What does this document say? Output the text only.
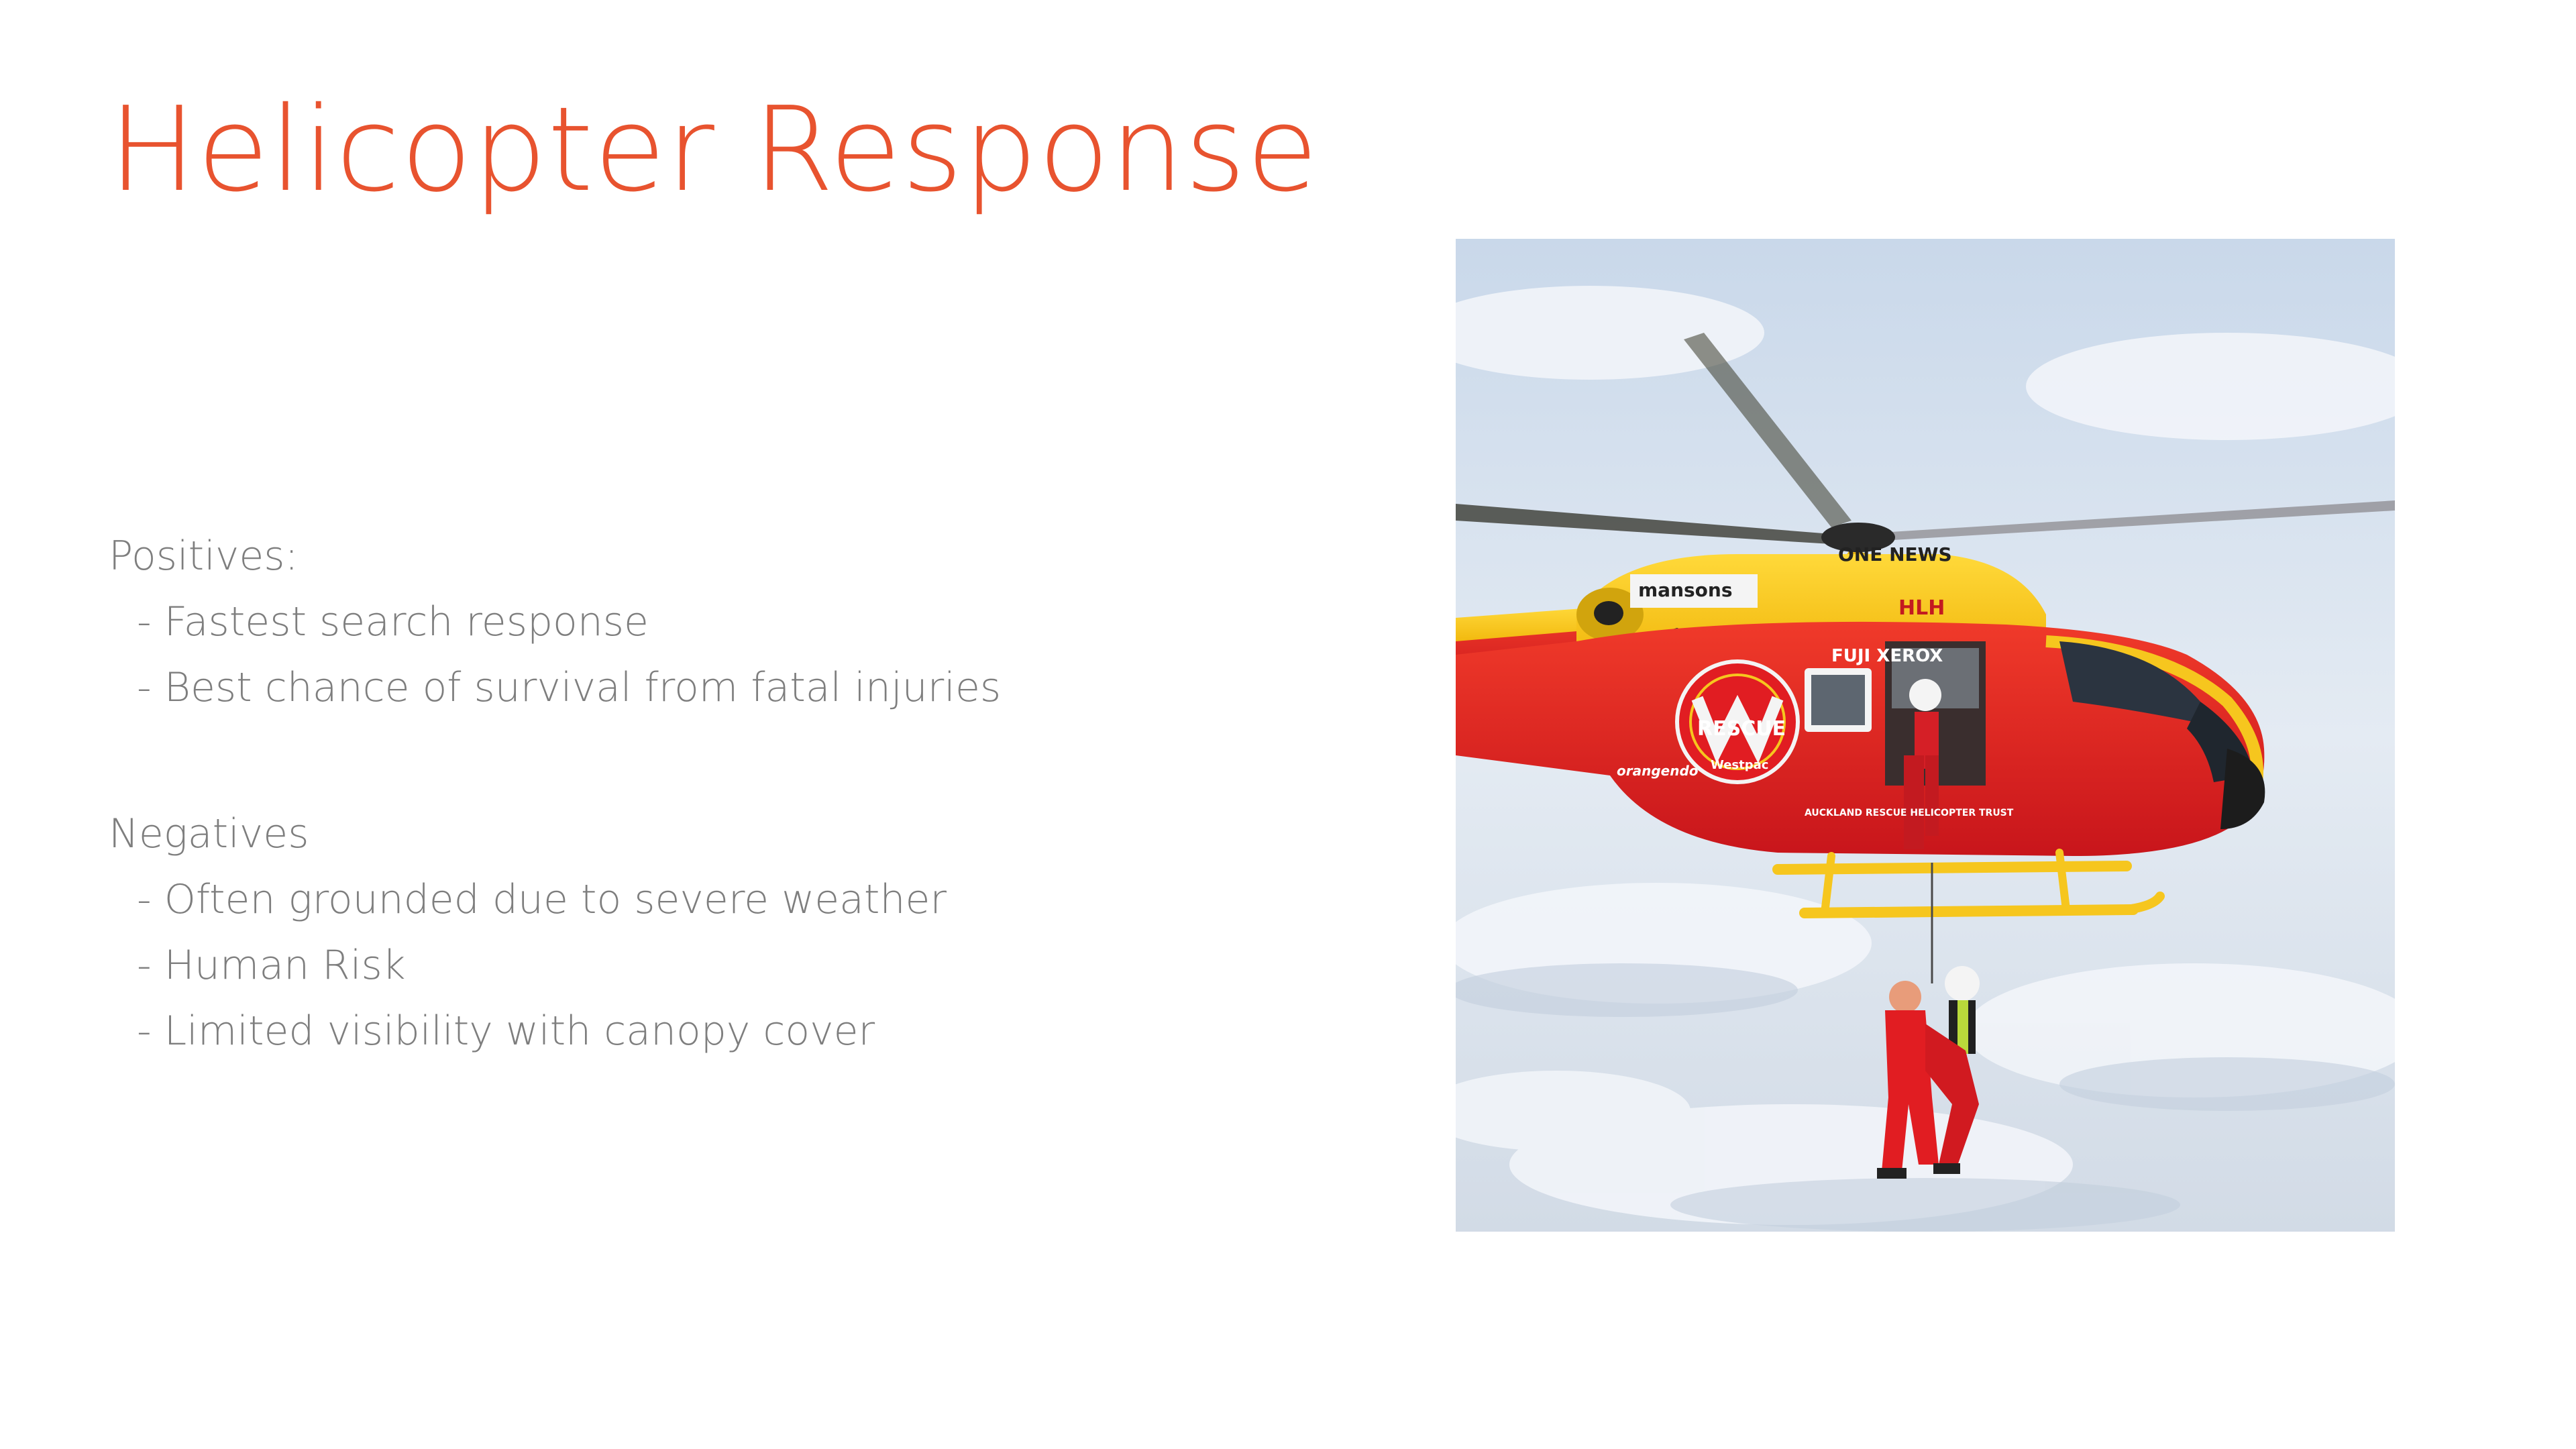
Helicopter Response
Positives:
- Fastest search response
- Best chance of survival from fatal injuries
Negatives
- Often grounded due to severe weather
- Human Risk
- Limited visibility with canopy cover
mansons
FUJI XEROX
RESCUE
Westpac
ONE NEWS
HLH
AUCKLAND RESCUE HELICOPTER TRUST
orangendo
